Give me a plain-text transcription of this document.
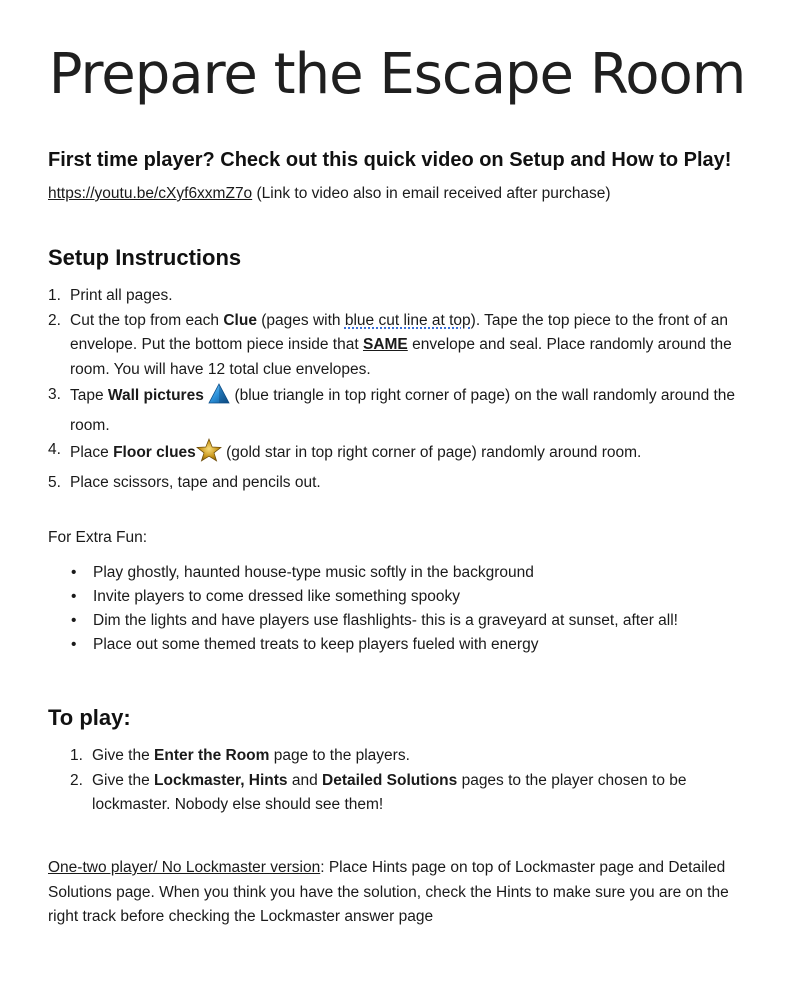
Prepare the Escape Room
First time player? Check out this quick video on Setup and How to Play!

https://youtu.be/cXyf6xxmZ7o (Link to video also in email received after purchase)

Setup Instructions
1. Print all pages.
2. Cut the top from each Clue (pages with blue cut line at top). Tape the top piece to the front of an envelope. Put the bottom piece inside that SAME envelope and seal. Place randomly around the room. You will have 12 total clue envelopes.
3. Tape Wall pictures  (blue triangle in top right corner of page) on the wall randomly around the room.
4. Place Floor clues (gold star in top right corner of page) randomly around room.
5. Place scissors, tape and pencils out.

For Extra Fun:

• Play ghostly, haunted house-type music softly in the background
• Invite players to come dressed like something spooky
• Dim the lights and have players use flashlights- this is a graveyard at sunset, after all!
• Place out some themed treats to keep players fueled with energy
To play:
1. Give the Enter the Room page to the players.
2. Give the Lockmaster, Hints and Detailed Solutions pages to the player chosen to be lockmaster. Nobody else should see them!

One-two player/ No Lockmaster version: Place Hints page on top of Lockmaster page and Detailed Solutions page. When you think you have the solution, check the Hints to make sure you are on the right track before checking the Lockmaster answer page
